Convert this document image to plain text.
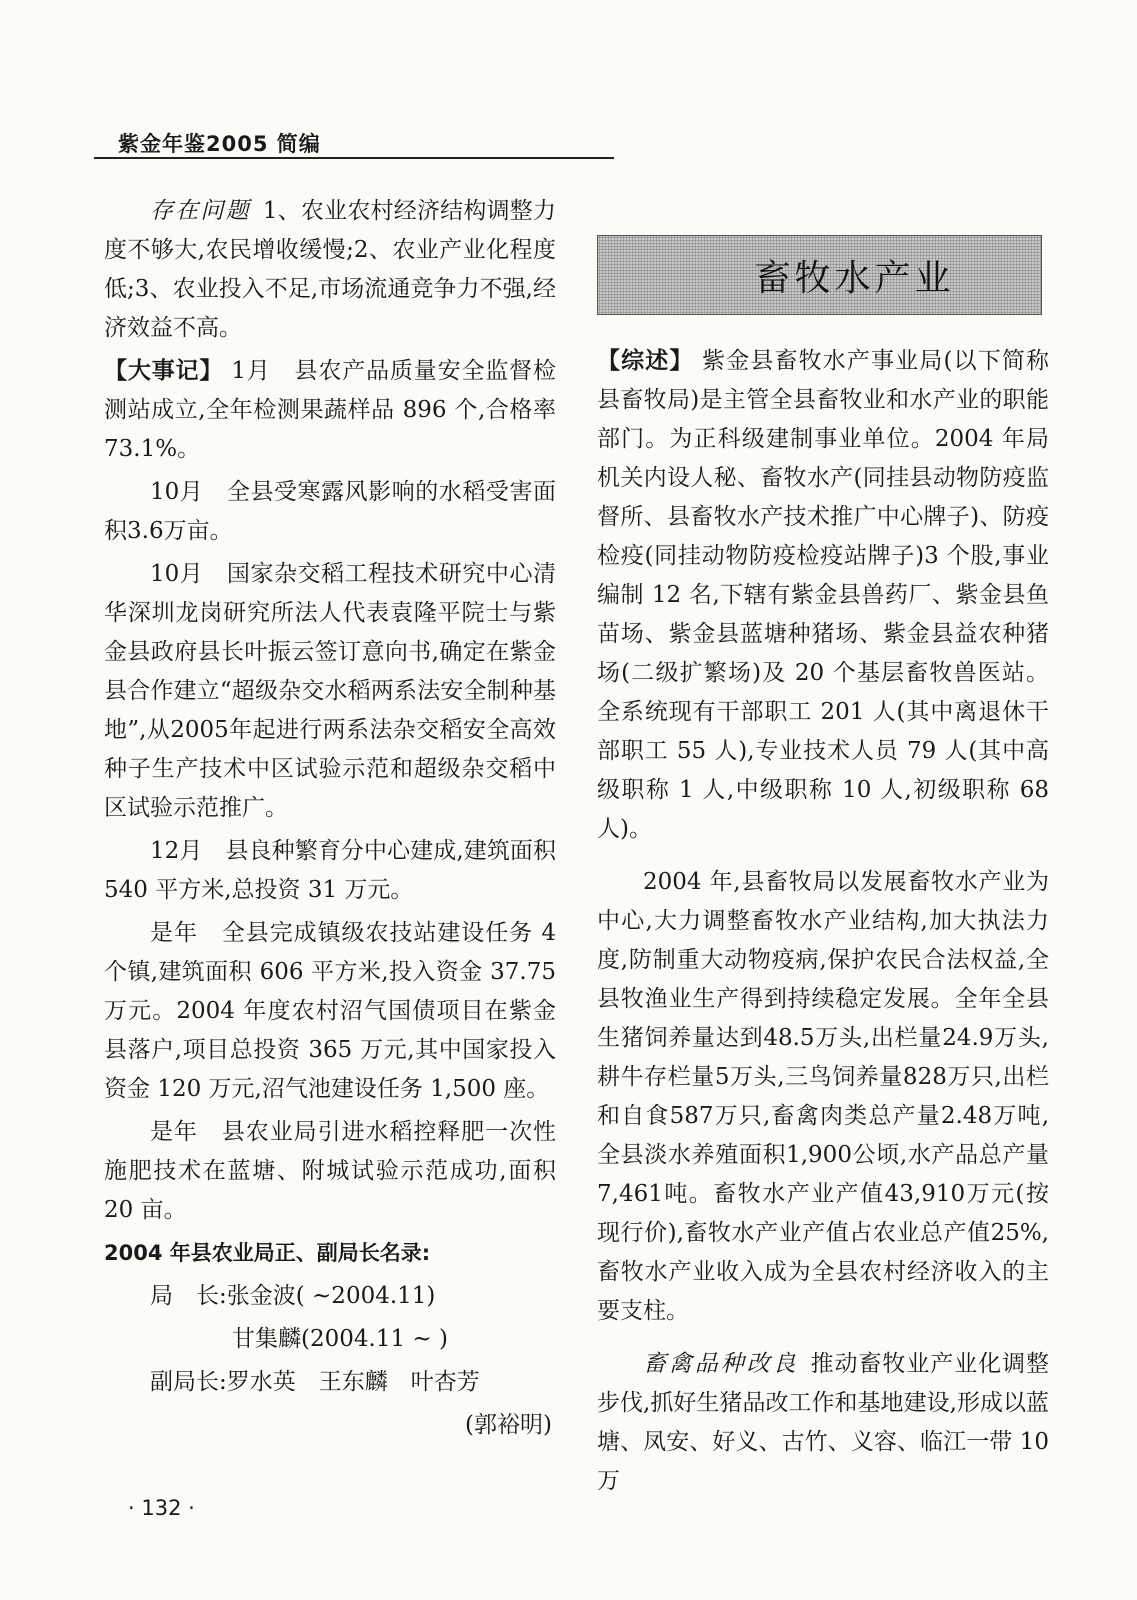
紫金年鉴2005 简编

存在问题 1、农业农村经济结构调整力度不够大,农民增收缓慢;2、农业产业化程度低;3、农业投入不足,市场流通竞争力不强,经济效益不高。

【大事记】 1月　县农产品质量安全监督检测站成立,全年检测果蔬样品 896 个,合格率 73.1%。

10月　全县受寒露风影响的水稻受害面积3.6万亩。

10月　国家杂交稻工程技术研究中心清华深圳龙岗研究所法人代表袁隆平院士与紫金县政府县长叶振云签订意向书,确定在紫金县合作建立“超级杂交水稻两系法安全制种基地”,从2005年起进行两系法杂交稻安全高效种子生产技术中区试验示范和超级杂交稻中区试验示范推广。

12月　县良种繁育分中心建成,建筑面积 540 平方米,总投资 31 万元。

是年　全县完成镇级农技站建设任务 4 个镇,建筑面积 606 平方米,投入资金 37.75 万元。2004 年度农村沼气国债项目在紫金县落户,项目总投资 365 万元,其中国家投入资金 120 万元,沼气池建设任务 1,500 座。

是年　县农业局引进水稻控释肥一次性施肥技术在蓝塘、附城试验示范成功,面积 20 亩。

2004 年县农业局正、副局长名录:

局　长:张金波( ~2004.11)

甘集麟(2004.11 ~ )

副局长:罗水英　王东麟　叶杏芳

(郭裕明)

畜牧水产业

【综述】 紫金县畜牧水产事业局(以下简称县畜牧局)是主管全县畜牧业和水产业的职能部门。为正科级建制事业单位。2004 年局机关内设人秘、畜牧水产(同挂县动物防疫监督所、县畜牧水产技术推广中心牌子)、防疫检疫(同挂动物防疫检疫站牌子)3 个股,事业编制 12 名,下辖有紫金县兽药厂、紫金县鱼苗场、紫金县蓝塘种猪场、紫金县益农种猪场(二级扩繁场)及 20 个基层畜牧兽医站。全系统现有干部职工 201 人(其中离退休干部职工 55 人),专业技术人员 79 人(其中高级职称 1 人,中级职称 10 人,初级职称 68 人)。

2004 年,县畜牧局以发展畜牧水产业为中心,大力调整畜牧水产业结构,加大执法力度,防制重大动物疫病,保护农民合法权益,全县牧渔业生产得到持续稳定发展。全年全县生猪饲养量达到48.5万头,出栏量24.9万头,耕牛存栏量5万头,三鸟饲养量828万只,出栏和自食587万只,畜禽肉类总产量2.48万吨,全县淡水养殖面积1,900公顷,水产品总产量7,461吨。畜牧水产业产值43,910万元(按现行价),畜牧水产业产值占农业总产值25%,畜牧水产业收入成为全县农村经济收入的主要支柱。

畜禽品种改良 推动畜牧业产业化调整步伐,抓好生猪品改工作和基地建设,形成以蓝塘、凤安、好义、古竹、义容、临江一带 10 万

· 132 ·
